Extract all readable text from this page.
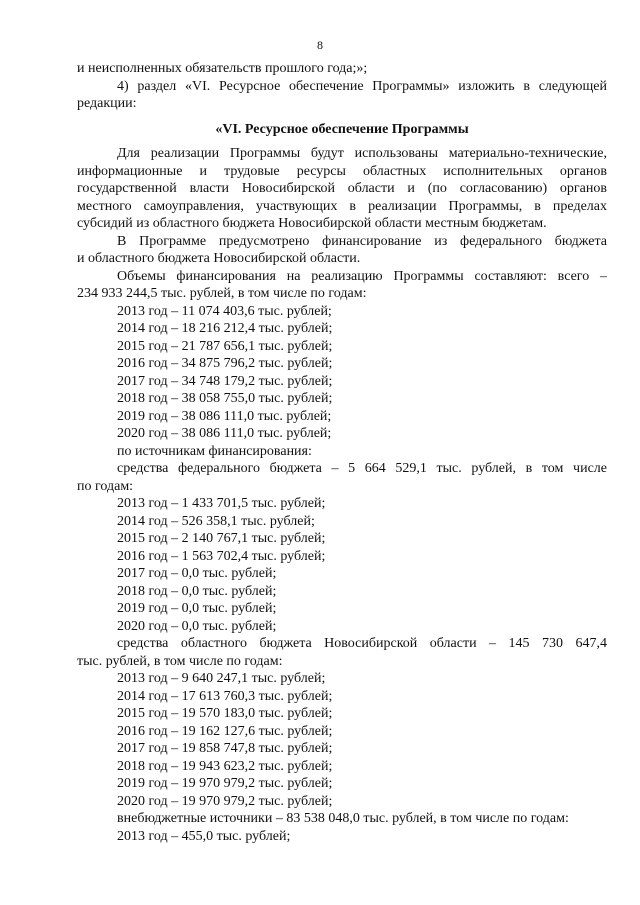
8
и неисполненных обязательств прошлого года;»;
4) раздел «VI. Ресурсное обеспечение Программы» изложить в следующей
редакции:
«VI. Ресурсное обеспечение Программы
Для реализации Программы будут использованы материально-технические,
информационные и трудовые ресурсы областных исполнительных органов
государственной власти Новосибирской области и (по согласованию) органов
местного самоуправления, участвующих в реализации Программы, в пределах
субсидий из областного бюджета Новосибирской области местным бюджетам.
В Программе предусмотрено финансирование из федерального бюджета
и областного бюджета Новосибирской области.
Объемы финансирования на реализацию Программы составляют: всего –
234 933 244,5 тыс. рублей, в том числе по годам:
2013 год – 11 074 403,6 тыс. рублей;
2014 год – 18 216 212,4 тыс. рублей;
2015 год – 21 787 656,1 тыс. рублей;
2016 год – 34 875 796,2 тыс. рублей;
2017 год – 34 748 179,2 тыс. рублей;
2018 год – 38 058 755,0 тыс. рублей;
2019 год – 38 086 111,0 тыс. рублей;
2020 год – 38 086 111,0 тыс. рублей;
по источникам финансирования:
средства федерального бюджета – 5 664 529,1 тыс. рублей, в том числе
по годам:
2013 год – 1 433 701,5 тыс. рублей;
2014 год – 526 358,1 тыс. рублей;
2015 год – 2 140 767,1 тыс. рублей;
2016 год – 1 563 702,4 тыс. рублей;
2017 год – 0,0 тыс. рублей;
2018 год – 0,0 тыс. рублей;
2019 год – 0,0 тыс. рублей;
2020 год – 0,0 тыс. рублей;
средства областного бюджета Новосибирской области – 145 730 647,4
тыс. рублей, в том числе по годам:
2013 год – 9 640 247,1 тыс. рублей;
2014 год – 17 613 760,3 тыс. рублей;
2015 год – 19 570 183,0 тыс. рублей;
2016 год – 19 162 127,6 тыс. рублей;
2017 год – 19 858 747,8 тыс. рублей;
2018 год – 19 943 623,2 тыс. рублей;
2019 год – 19 970 979,2 тыс. рублей;
2020 год – 19 970 979,2 тыс. рублей;
внебюджетные источники – 83 538 048,0 тыс. рублей, в том числе по годам:
2013 год – 455,0 тыс. рублей;
